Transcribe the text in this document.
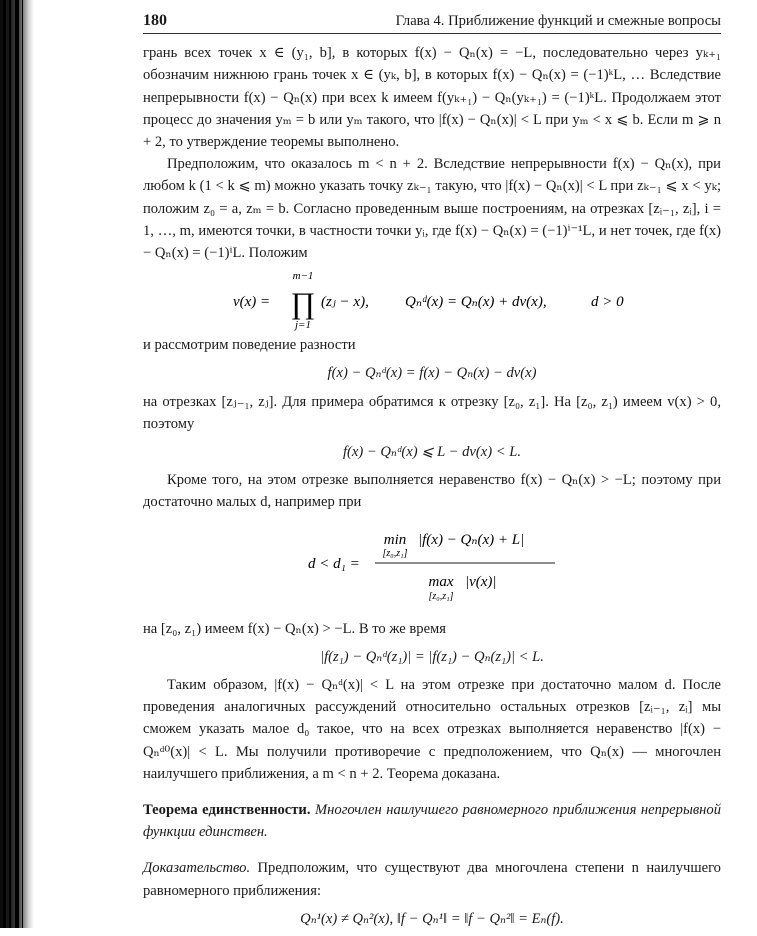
180	Глава 4. Приближение функций и смежные вопросы

грань всех точек x ∈ (y₁, b], в которых f(x) − Qₙ(x) = −L, последовательно через yₖ₊₁ обозначим нижнюю грань точек x ∈ (yₖ, b], в которых f(x) − Qₙ(x) = (−1)ᵏL, … Вследствие непрерывности f(x) − Qₙ(x) при всех k имеем f(yₖ₊₁) − Qₙ(yₖ₊₁) = (−1)ᵏL. Продолжаем этот процесс до значения yₘ = b или yₘ такого, что |f(x) − Qₙ(x)| < L при yₘ < x ⩽ b. Если m ⩾ n + 2, то утверждение теоремы выполнено.

Предположим, что оказалось m < n + 2. Вследствие непрерывности f(x) − Qₙ(x), при любом k (1 < k ⩽ m) можно указать точку zₖ₋₁ такую, что |f(x) − Qₙ(x)| < L при zₖ₋₁ ⩽ x < yₖ; положим z₀ = a, zₘ = b. Согласно проведенным выше построениям, на отрезках [zᵢ₋₁, zᵢ], i = 1, …, m, имеются точки, в частности точки yᵢ, где f(x) − Qₙ(x) = (−1)ⁱ⁻¹L, и нет точек, где f(x) − Qₙ(x) = (−1)ⁱL. Положим

v(x) =
m−1
∏
j=1
(zⱼ − x), Qₙᵈ(x) = Qₙ(x) + dv(x),	d > 0

и рассмотрим поведение разности

f(x) − Qₙᵈ(x) = f(x) − Qₙ(x) − dv(x)

на отрезках [zⱼ₋₁, zⱼ]. Для примера обратимся к отрезку [z₀, z₁]. На [z₀, z₁) имеем v(x) > 0, поэтому

f(x) − Qₙᵈ(x) ⩽ L − dv(x) < L.

Кроме того, на этом отрезке выполняется неравенство f(x) − Qₙ(x) > −L; поэтому при достаточно малых d, например при

d < d₁ =
min
[z₀,z₁]
|f(x) − Qₙ(x) + L|
max
[z₀,z₁]
|v(x)|

на [z₀, z₁) имеем f(x) − Qₙ(x) > −L. В то же время

|f(z₁) − Qₙᵈ(z₁)| = |f(z₁) − Qₙ(z₁)| < L.

Таким образом, |f(x) − Qₙᵈ(x)| < L на этом отрезке при достаточно малом d. После проведения аналогичных рассуждений относительно остальных отрезков [zᵢ₋₁, zᵢ] мы сможем указать малое d₀ такое, что на всех отрезках выполняется неравенство |f(x) − Qₙᵈ⁰(x)| < L. Мы получили противоречие с предположением, что Qₙ(x) — многочлен наилучшего приближения, а m < n + 2. Теорема доказана.

Теорема единственности. Многочлен наилучшего равномерного приближения непрерывной функции единствен.

Доказательство. Предположим, что существуют два многочлена степени n наилучшего равномерного приближения:

Qₙ¹(x) ≠ Qₙ²(x), ‖f − Qₙ¹‖ = ‖f − Qₙ²‖ = Eₙ(f).
